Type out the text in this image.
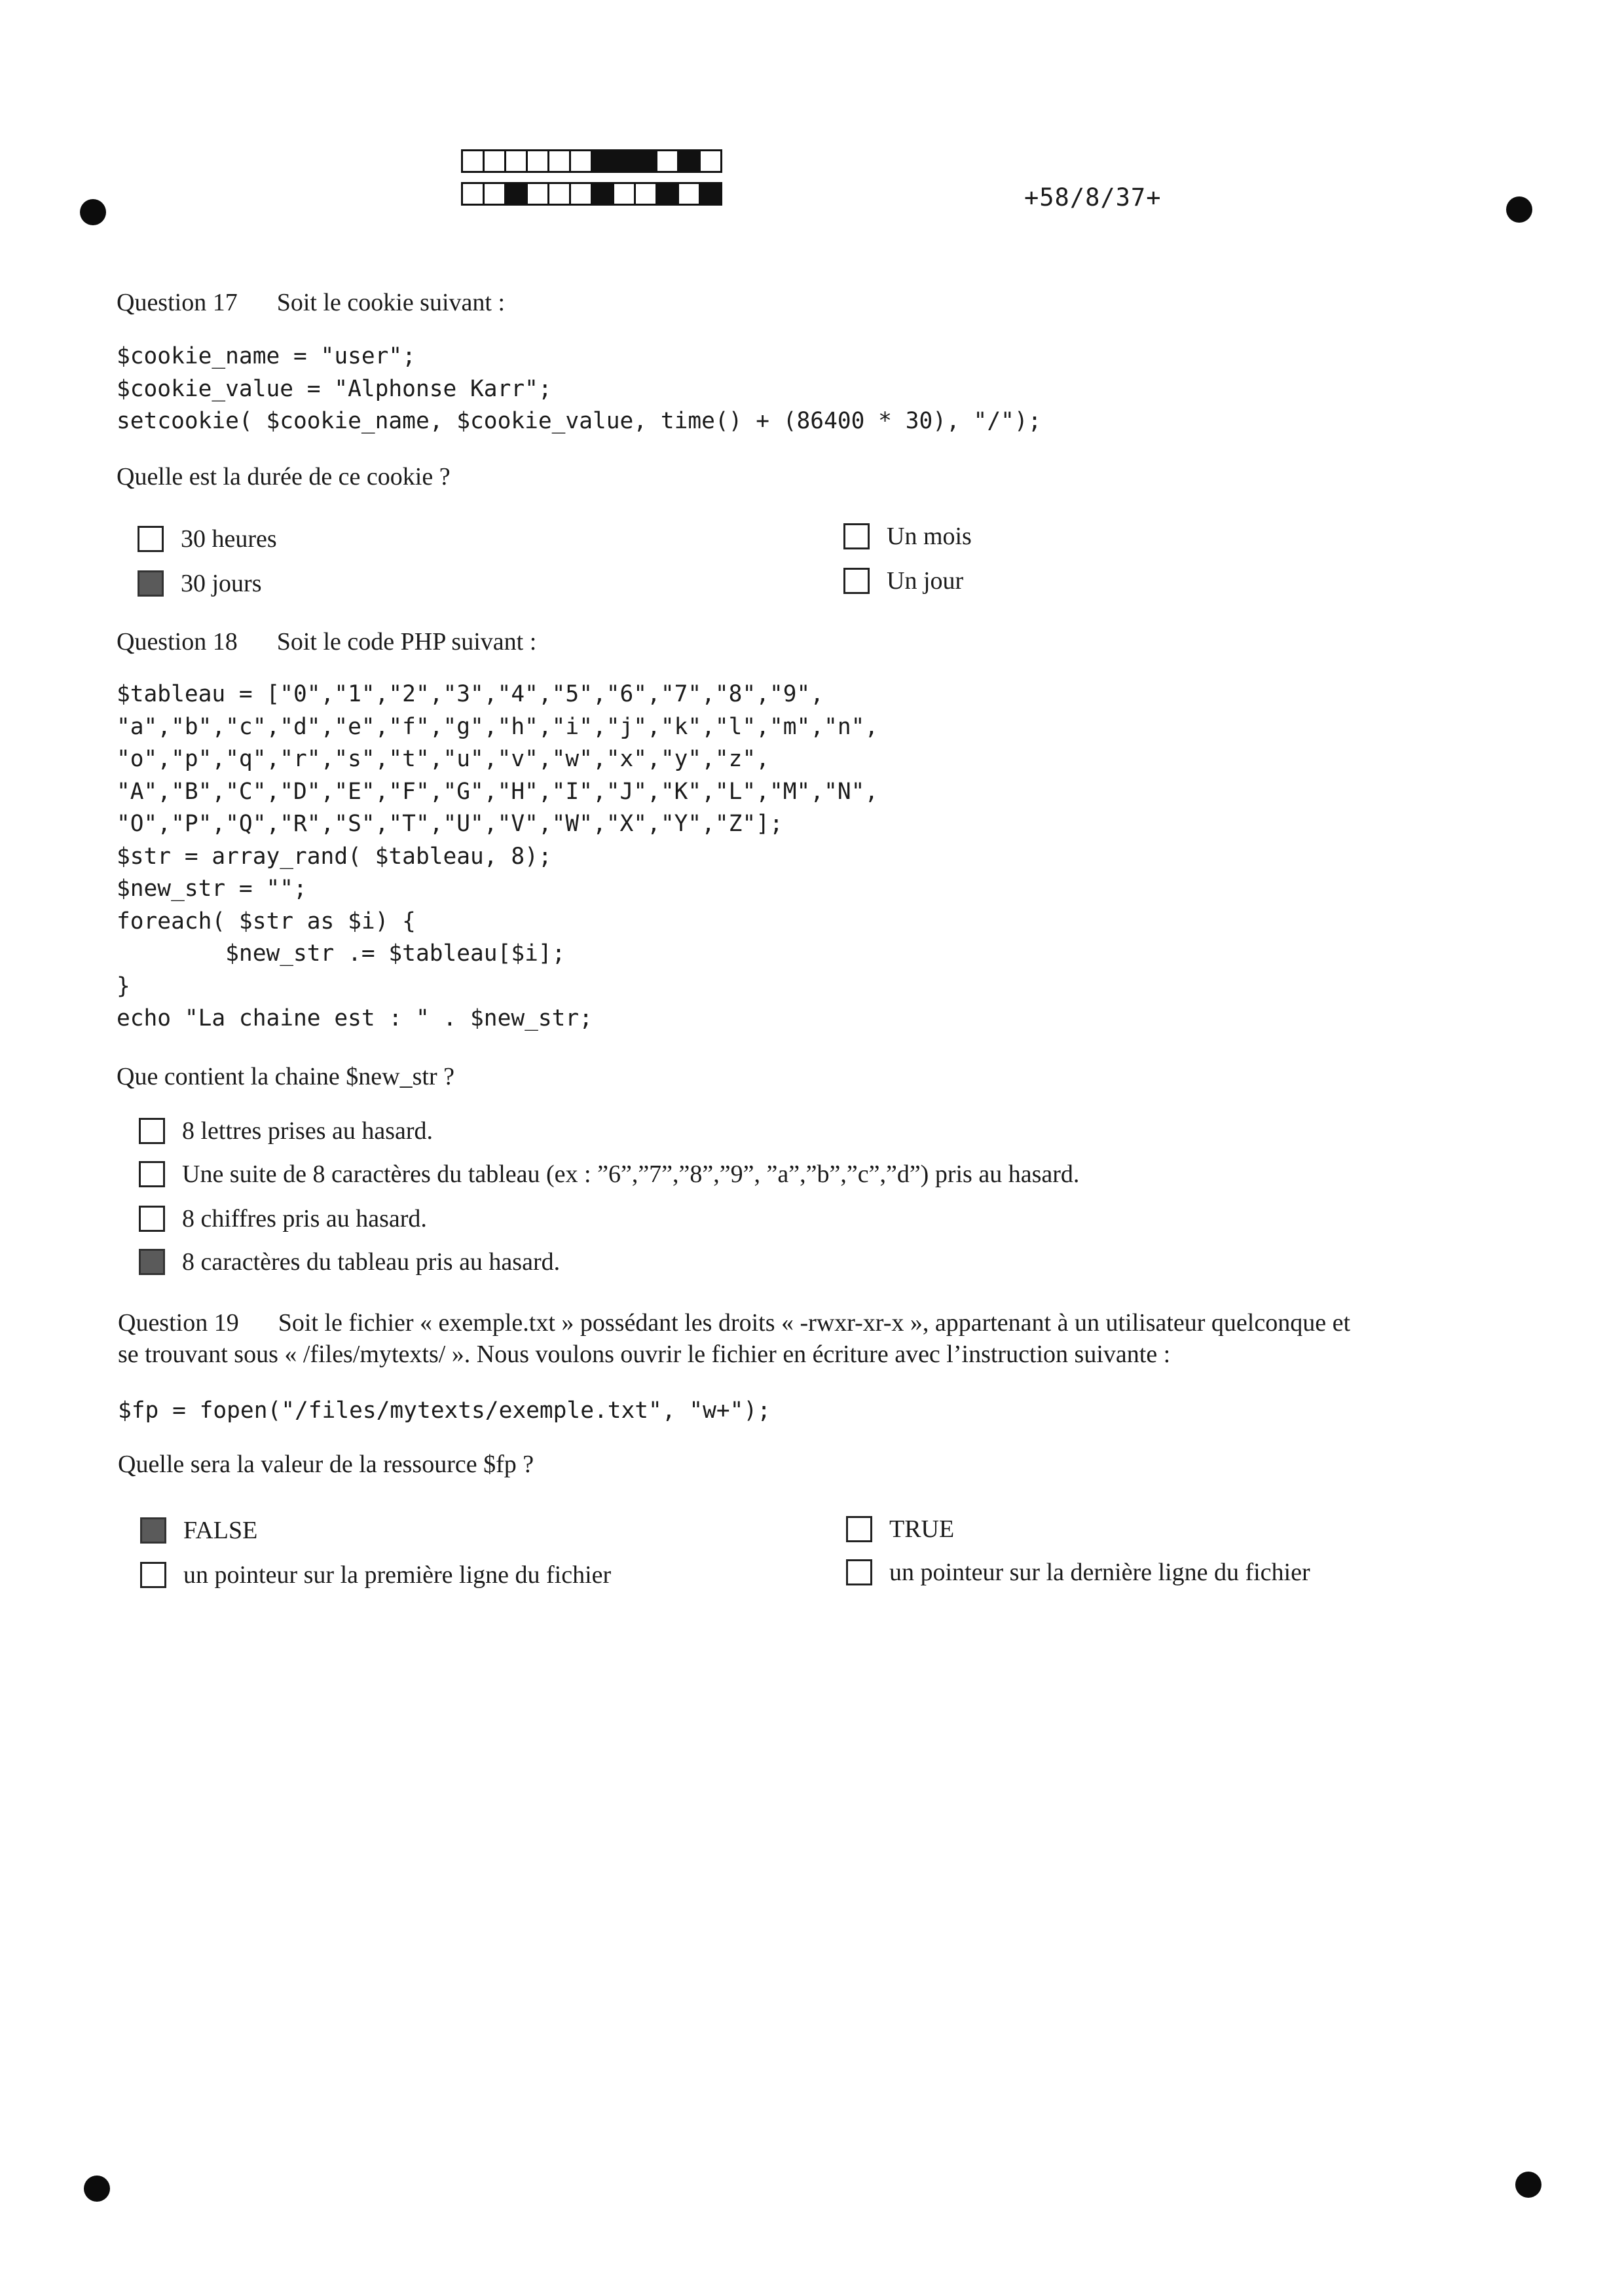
+58/8/37+
Question 17 Soit le cookie suivant :
$cookie_name = "user";
$cookie_value = "Alphonse Karr";
setcookie( $cookie_name, $cookie_value, time() + (86400 * 30), "/");
Quelle est la durée de ce cookie ?
30 heures
30 jours
Un mois
Un jour
Question 18 Soit le code PHP suivant :
$tableau = ["0","1","2","3","4","5","6","7","8","9",
"a","b","c","d","e","f","g","h","i","j","k","l","m","n",
"o","p","q","r","s","t","u","v","w","x","y","z",
"A","B","C","D","E","F","G","H","I","J","K","L","M","N",
"O","P","Q","R","S","T","U","V","W","X","Y","Z"];
$str = array_rand( $tableau, 8);
$new_str = "";
foreach( $str as $i) {
$new_str .= $tableau[$i];
}
echo "La chaine est : " . $new_str;
Que contient la chaine $new_str ?
8 lettres prises au hasard.
Une suite de 8 caractères du tableau (ex : ”6”,”7”,”8”,”9”, ”a”,”b”,”c”,”d”) pris au hasard.
8 chiffres pris au hasard.
8 caractères du tableau pris au hasard.
Question 19 Soit le fichier « exemple.txt » possédant les droits « -rwxr-xr-x », appartenant à un utilisateur quelconque et
se trouvant sous « /files/mytexts/ ». Nous voulons ouvrir le fichier en écriture avec l’instruction suivante :
$fp = fopen("/files/mytexts/exemple.txt", "w+");
Quelle sera la valeur de la ressource $fp ?
FALSE
un pointeur sur la première ligne du fichier
TRUE
un pointeur sur la dernière ligne du fichier
